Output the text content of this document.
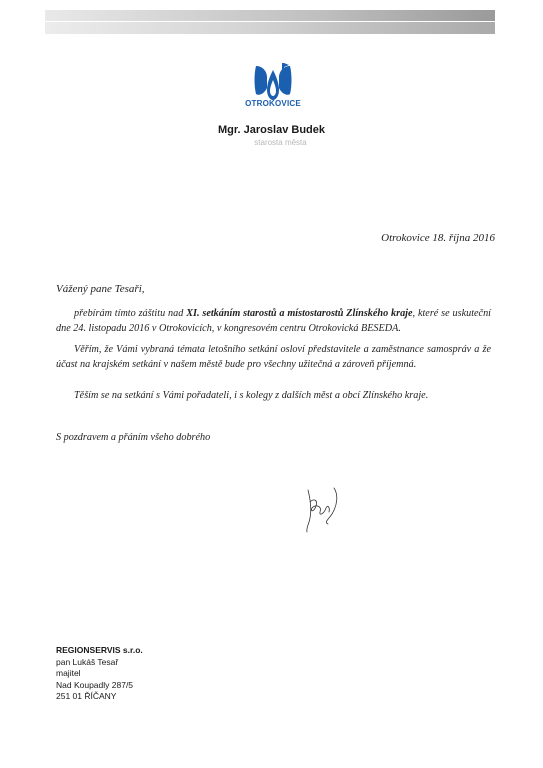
OTROKOVICE
Mgr. Jaroslav Budek
starosta města
Otrokovice 18. října 2016
Vážený pane Tesaři,
přebírám tímto záštitu nad XI. setkáním starostů a místostarostů Zlínského kraje, které se uskuteční dne 24. listopadu 2016 v Otrokovicích, v kongresovém centru Otrokovická BESEDA.
Věřím, že Vámi vybraná témata letošního setkání osloví představitele a zaměstnance samospráv a že účast na krajském setkání v našem městě bude pro všechny užitečná a zároveň příjemná.
Těším se na setkání s Vámi pořadateli, i s kolegy z dalších měst a obcí Zlínského kraje.
S pozdravem a přáním všeho dobrého
REGIONSERVIS s.r.o.
pan Lukáš Tesař
majitel
Nad Koupadly 287/5
251 01 ŘÍČANY
